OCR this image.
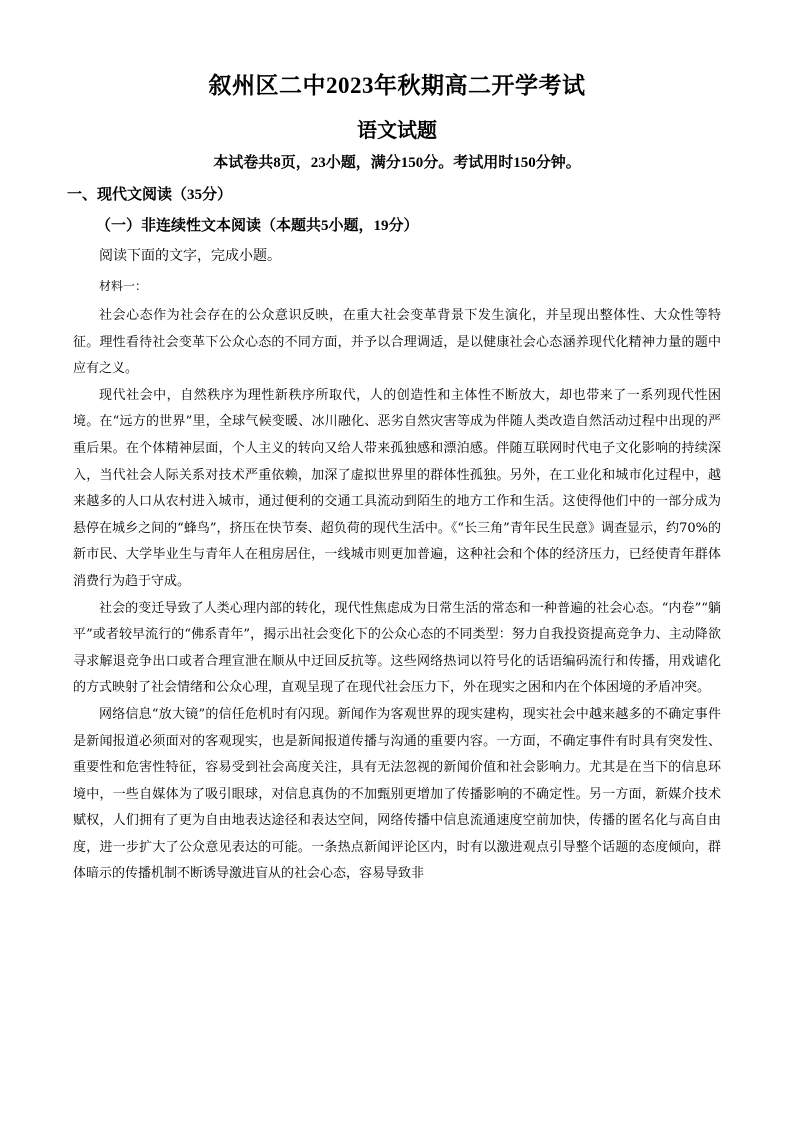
叙州区二中2023年秋期高二开学考试
语文试题
本试卷共8页，23小题，满分150分。考试用时150分钟。
一、现代文阅读（35分）
（一）非连续性文本阅读（本题共5小题，19分）
阅读下面的文字，完成小题。
材料一：

社会心态作为社会存在的公众意识反映，在重大社会变革背景下发生演化，并呈现出整体性、大众性等特征。理性看待社会变革下公众心态的不同方面，并予以合理调适，是以健康社会心态涵养现代化精神力量的题中应有之义。

现代社会中，自然秩序为理性新秩序所取代，人的创造性和主体性不断放大，却也带来了一系列现代性困境。在“远方的世界”里，全球气候变暖、冰川融化、恶劣自然灾害等成为伴随人类改造自然活动过程中出现的严重后果。在个体精神层面，个人主义的转向又给人带来孤独感和漂泊感。伴随互联网时代电子文化影响的持续深入，当代社会人际关系对技术严重依赖，加深了虚拟世界里的群体性孤独。另外，在工业化和城市化过程中，越来越多的人口从农村进入城市，通过便利的交通工具流动到陌生的地方工作和生活。这使得他们中的一部分成为悬停在城乡之间的“蜂鸟”，挤压在快节奏、超负荷的现代生活中。《“长三角”青年民生民意》调查显示，约70%的新市民、大学毕业生与青年人在租房居住，一线城市则更加普遍，这种社会和个体的经济压力，已经使青年群体消费行为趋于守成。

社会的变迁导致了人类心理内部的转化，现代性焦虑成为日常生活的常态和一种普遍的社会心态。“内卷”“躺平”或者较早流行的“佛系青年”，揭示出社会变化下的公众心态的不同类型：努力自我投资提高竞争力、主动降欲寻求解退竞争出口或者合理宣泄在顺从中迂回反抗等。这些网络热词以符号化的话语编码流行和传播，用戏谑化的方式映射了社会情绪和公众心理，直观呈现了在现代社会压力下，外在现实之困和内在个体困境的矛盾冲突。

网络信息“放大镜”的信任危机时有闪现。新闻作为客观世界的现实建构，现实社会中越来越多的不确定事件是新闻报道必须面对的客观现实，也是新闻报道传播与沟通的重要内容。一方面，不确定事件有时具有突发性、重要性和危害性特征，容易受到社会高度关注，具有无法忽视的新闻价值和社会影响力。尤其是在当下的信息环境中，一些自媒体为了吸引眼球，对信息真伪的不加甄别更增加了传播影响的不确定性。另一方面，新媒介技术赋权，人们拥有了更为自由地表达途径和表达空间，网络传播中信息流通速度空前加快，传播的匿名化与高自由度，进一步扩大了公众意见表达的可能。一条热点新闻评论区内，时有以激进观点引导整个话题的态度倾向，群体暗示的传播机制不断诱导激进盲从的社会心态，容易导致非
